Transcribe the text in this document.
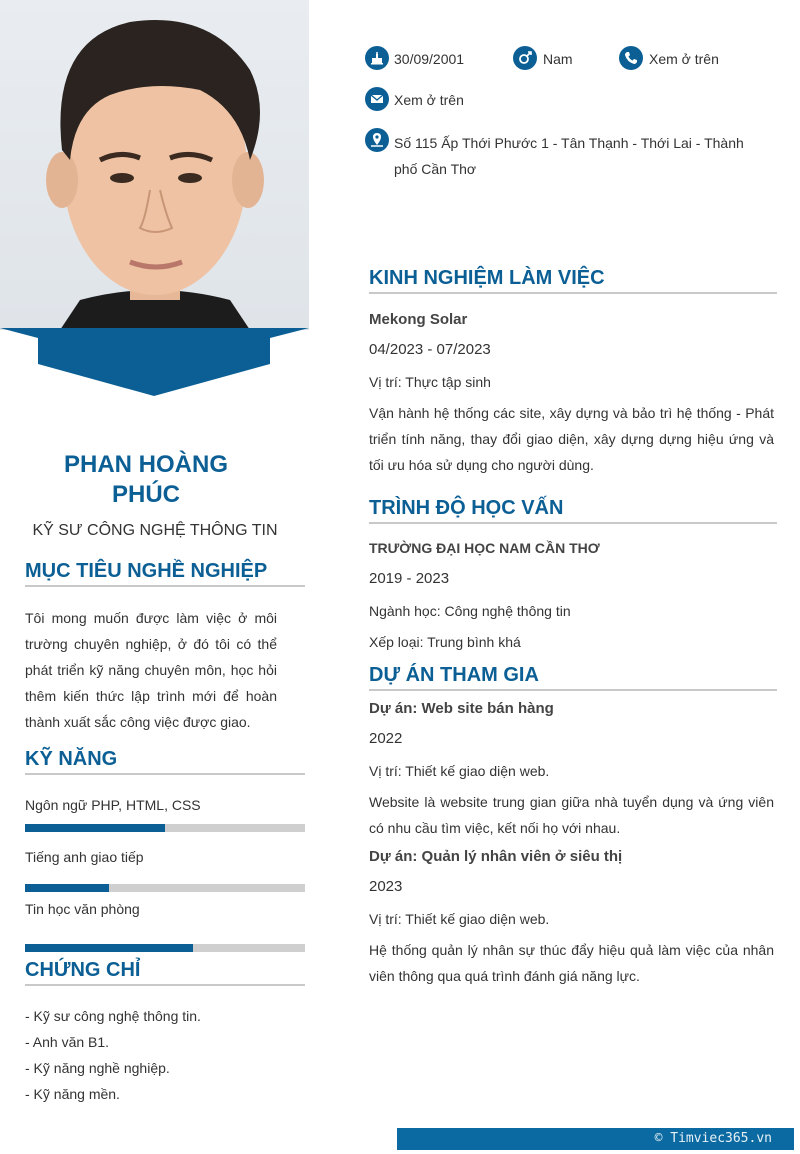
PHAN HOÀNG PHÚC
KỸ SƯ CÔNG NGHỆ THÔNG TIN
MỤC TIÊU NGHỀ NGHIỆP
Tôi mong muốn được làm việc ở môi trường chuyên nghiệp, ở đó tôi có thể phát triển kỹ năng chuyên môn, học hỏi thêm kiến thức lập trình mới để hoàn thành xuất sắc công việc được giao.
KỸ NĂNG
Ngôn ngữ PHP, HTML, CSS
Tiếng anh giao tiếp
Tin học văn phòng
CHỨNG CHỈ
- Kỹ sư công nghệ thông tin.
- Anh văn B1.
- Kỹ năng nghề nghiệp.
- Kỹ năng mền.
30/09/2001	Nam	Xem ở trên
Xem ở trên
Số 115 Ấp Thới Phước 1 - Tân Thạnh - Thới Lai - Thành phố Cần Thơ
KINH NGHIỆM LÀM VIỆC
Mekong Solar
04/2023 - 07/2023
Vị trí: Thực tập sinh
Vận hành hệ thống các site, xây dựng và bảo trì hệ thống - Phát triển tính năng, thay đổi giao diện, xây dựng dựng hiệu ứng và tối ưu hóa sử dụng cho người dùng.
TRÌNH ĐỘ HỌC VẤN
TRƯỜNG ĐẠI HỌC NAM CẦN THƠ
2019 - 2023
Ngành học: Công nghệ thông tin
Xếp loại: Trung bình khá
DỰ ÁN THAM GIA
Dự án: Web site bán hàng
2022
Vị trí: Thiết kế giao diện web.
Website là website trung gian giữa nhà tuyển dụng và ứng viên có nhu cầu tìm việc, kết nối họ với nhau.
Dự án: Quản lý nhân viên ở siêu thị
2023
Vị trí: Thiết kế giao diện web.
Hệ thống quản lý nhân sự thúc đẩy hiệu quả làm việc của nhân viên thông qua quá trình đánh giá năng lực.
© Timviec365.vn
